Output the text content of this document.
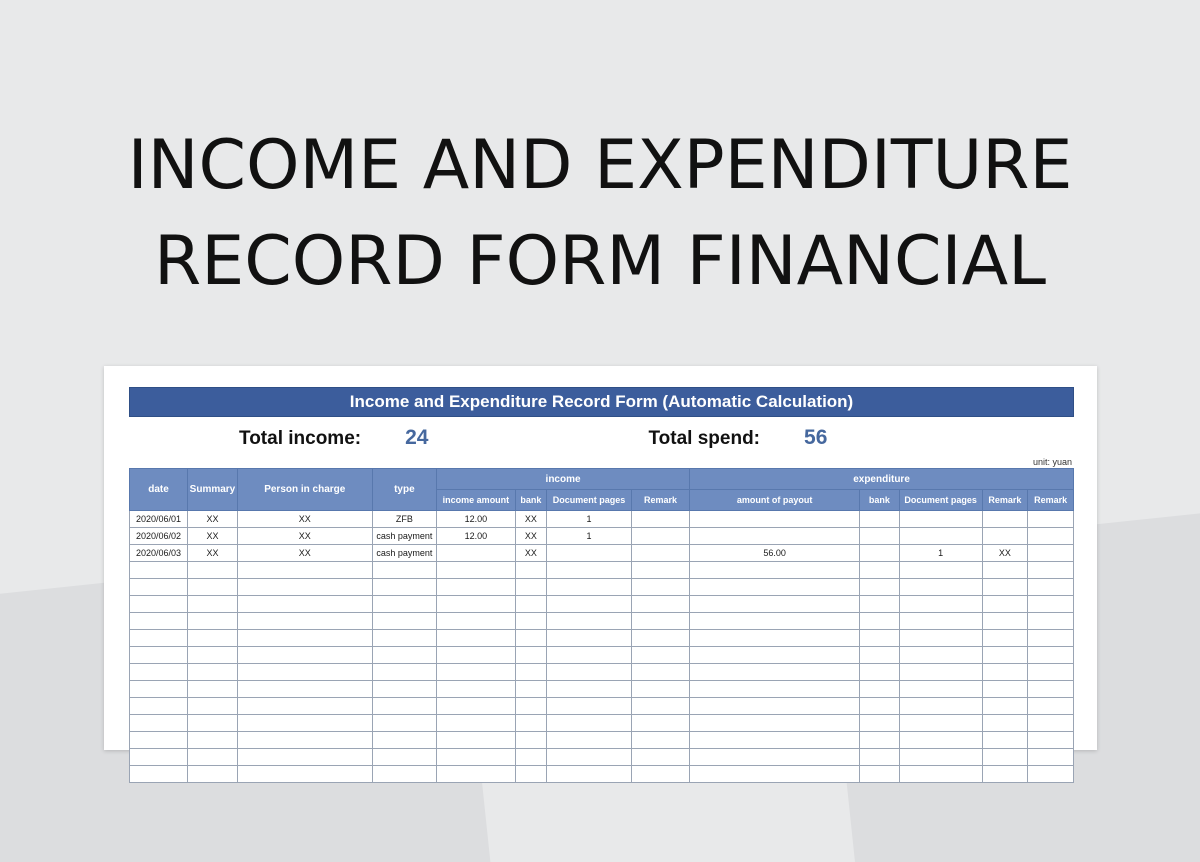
INCOME AND EXPENDITURE
RECORD FORM FINANCIAL
Income and Expenditure Record Form (Automatic Calculation)
Total income: 24	Total spend: 56
unit: yuan
date	Summary	Person in charge	type	income				expenditure				
				income amount	bank	Document pages	Remark	amount of payout	bank	Document pages	Remark	Remark
2020/06/01	XX	XX	ZFB	12.00	XX	1						
2020/06/02	XX	XX	cash payment	12.00	XX	1						
2020/06/03	XX	XX	cash payment		XX			56.00		1	XX	
